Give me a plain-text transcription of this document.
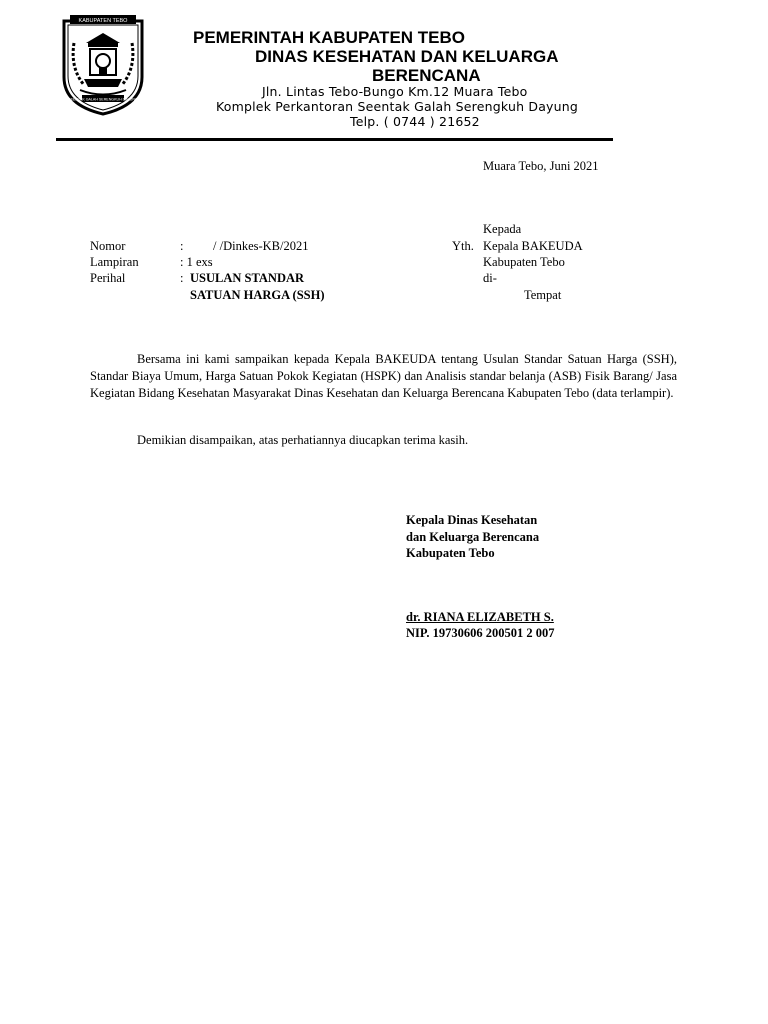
KABUPATEN TEBO
SEENTAK GALAH SERENGKUH DAYUNG
PEMERINTAH KABUPATEN TEBO
DINAS KESEHATAN DAN KELUARGA
BERENCANA
Jln. Lintas Tebo-Bungo Km.12 Muara Tebo
Komplek Perkantoran Seentak Galah Serengkuh Dayung
Telp. ( 0744 ) 21652
Muara Tebo, Juni 2021
Nomor	: / /Dinkes-KB/2021
Lampiran	: 1 exs
Perihal	: USULAN STANDAR
SATUAN HARGA (SSH)
Kepada
Yth. Kepala BAKEUDA
Kabupaten Tebo
di-
Tempat

Bersama ini kami sampaikan kepada Kepala BAKEUDA tentang Usulan Standar Satuan Harga (SSH), Standar Biaya Umum, Harga Satuan Pokok Kegiatan (HSPK) dan Analisis standar belanja (ASB) Fisik Barang/ Jasa Kegiatan Bidang Kesehatan Masyarakat Dinas Kesehatan dan Keluarga Berencana Kabupaten Tebo (data terlampir).

Demikian disampaikan, atas perhatiannya diucapkan terima kasih.

Kepala Dinas Kesehatan
dan Keluarga Berencana
Kabupaten Tebo
dr. RIANA ELIZABETH S.
NIP. 19730606 200501 2 007
